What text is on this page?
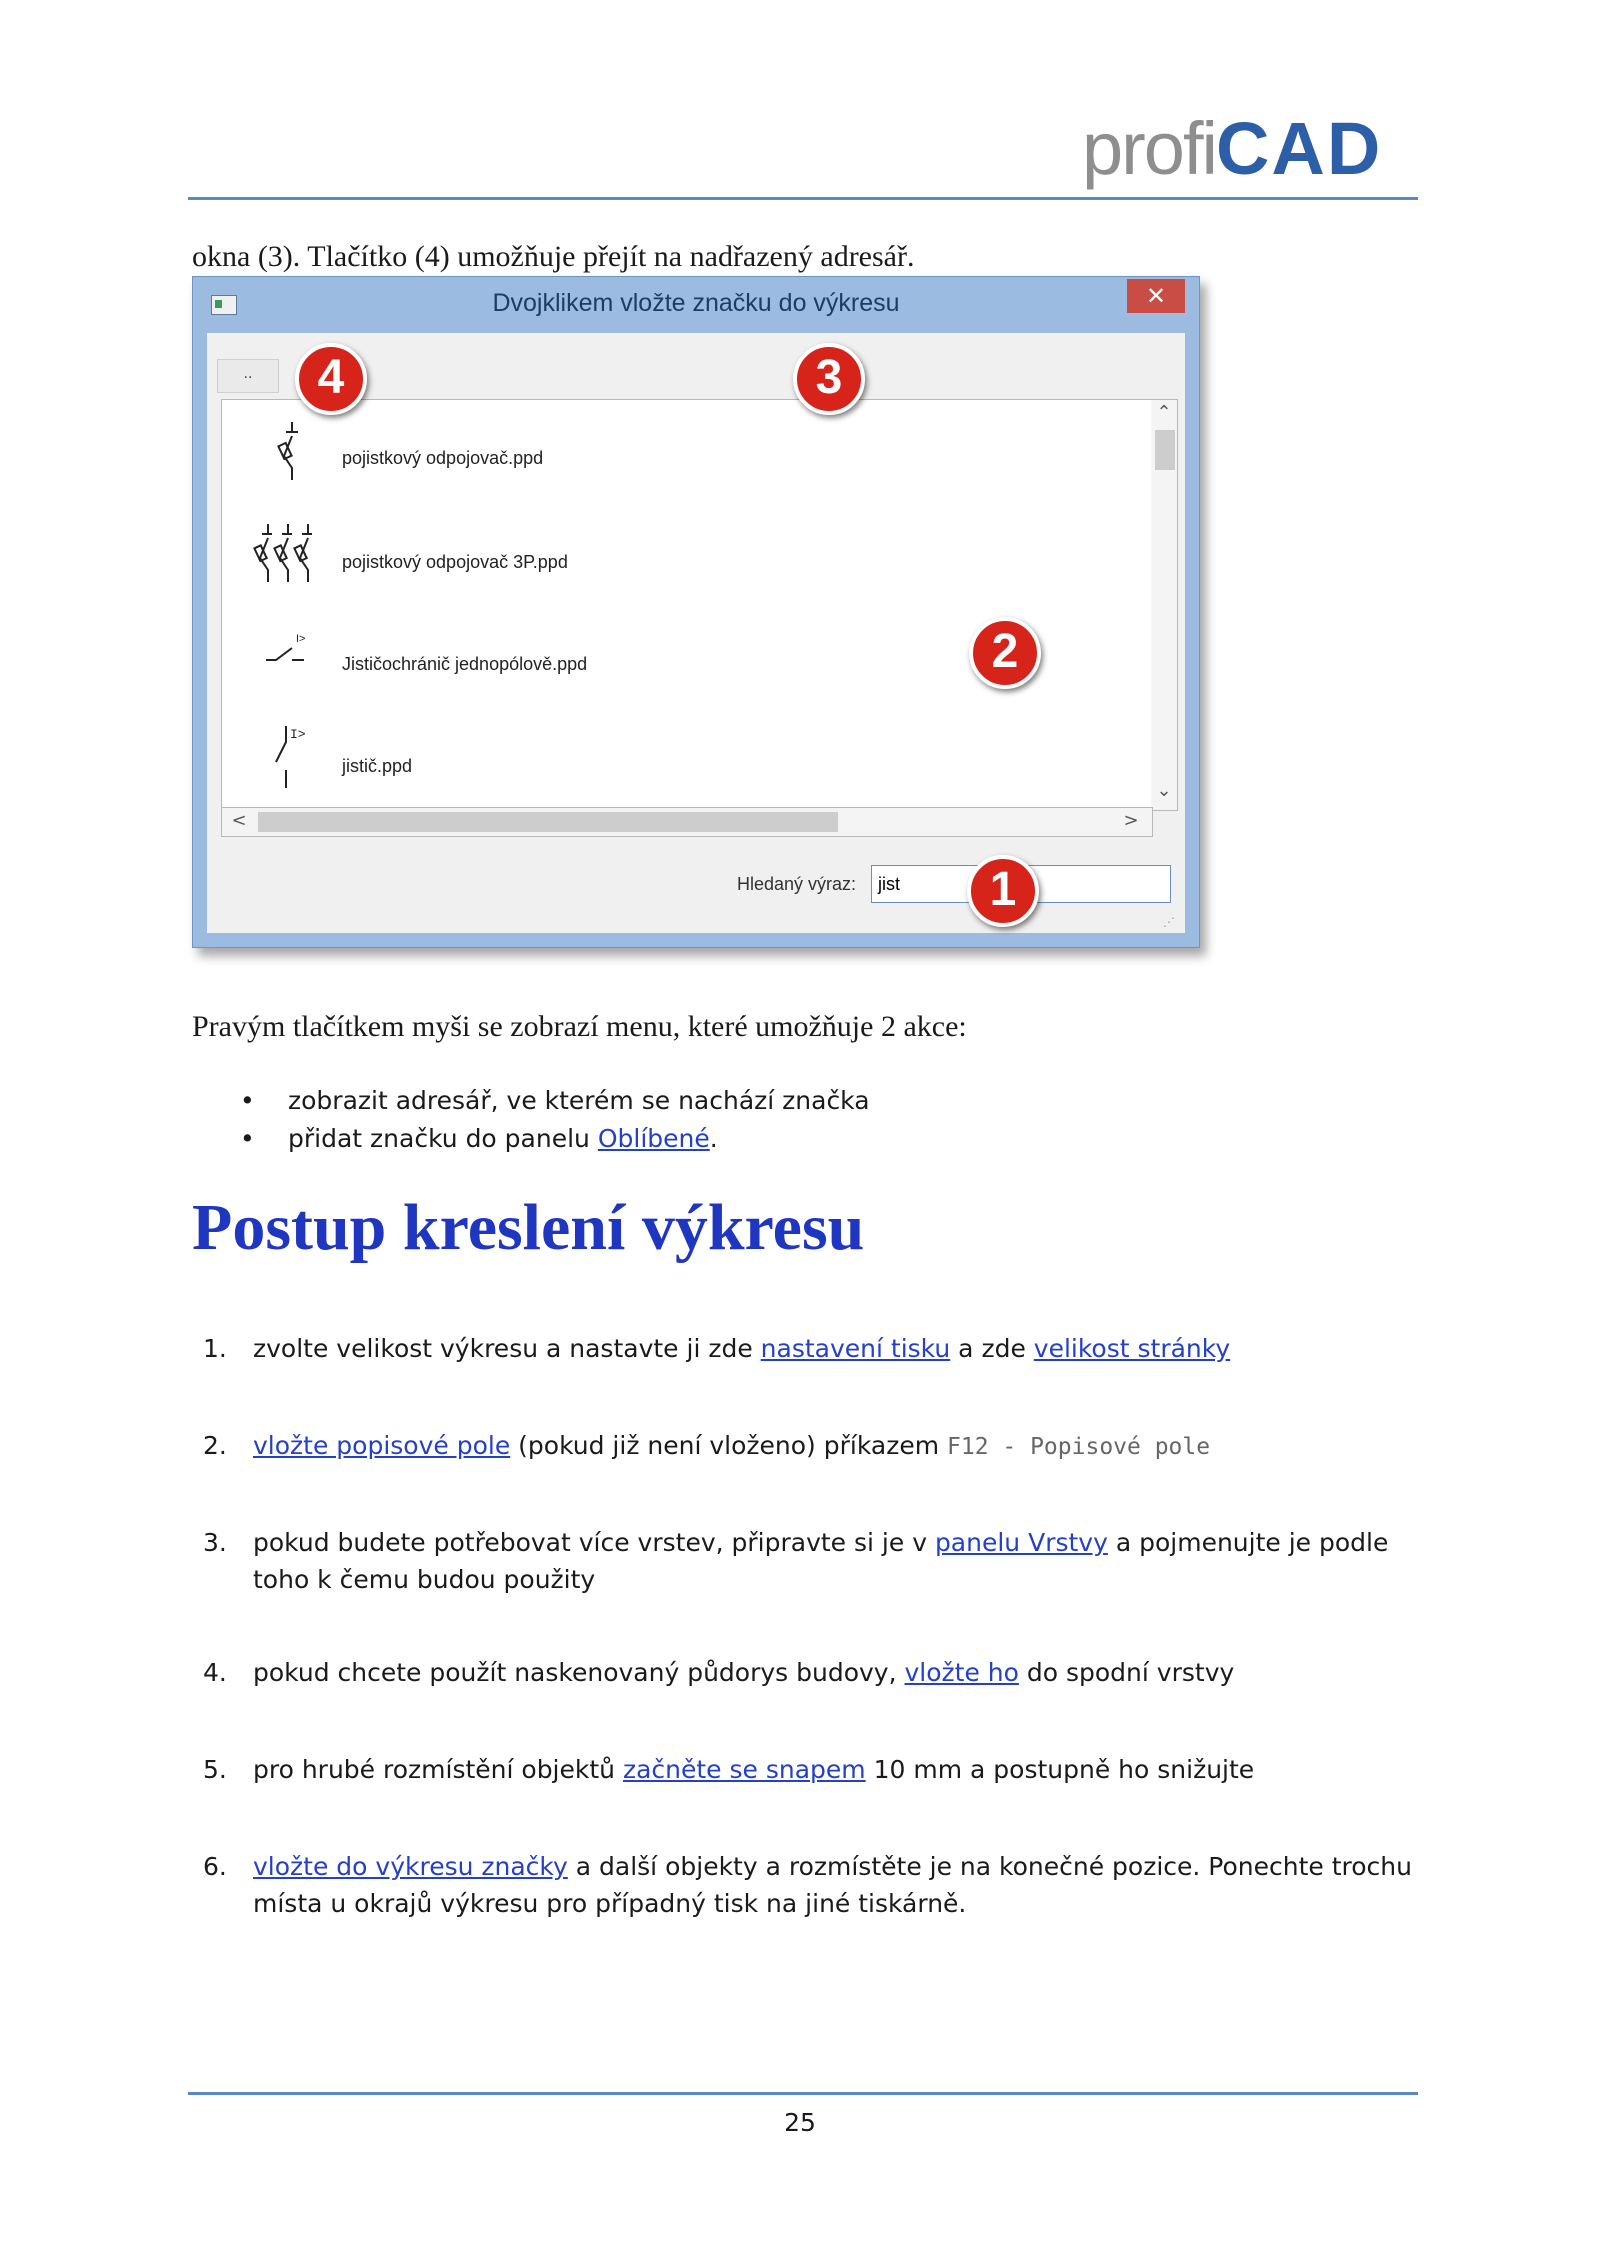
profi CAD
okna (3). Tlačítko (4) umožňuje přejít na nadřazený adresář.
Dvojklikem vložte značku do výkresu	✕
..
pojistkový odpojovač.ppd
pojistkový odpojovač 3P.ppd
I>
Jističochránič jednopólově.ppd
I>
jistič.ppd
⌃
⌄
<	>
Hledaný výraz:	jist
⋰
1
2
3
4
Pravým tlačítkem myši se zobrazí menu, které umožňuje 2 akce:
•	zobrazit adresář, ve kterém se nachází značka
•	přidat značku do panelu Oblíbené.
Postup kreslení výkresu
1.	zvolte velikost výkresu a nastavte ji zde nastavení tisku a zde velikost stránky
2.	vložte popisové pole (pokud již není vloženo) příkazem F12 - Popisové pole
3.	pokud budete potřebovat více vrstev, připravte si je v panelu Vrstvy a pojmenujte je podle toho k čemu budou použity
4.	pokud chcete použít naskenovaný půdorys budovy, vložte ho do spodní vrstvy
5.	pro hrubé rozmístění objektů začněte se snapem 10 mm a postupně ho snižujte
6.	vložte do výkresu značky a další objekty a rozmístěte je na konečné pozice. Ponechte trochu místa u okrajů výkresu pro případný tisk na jiné tiskárně.
25
